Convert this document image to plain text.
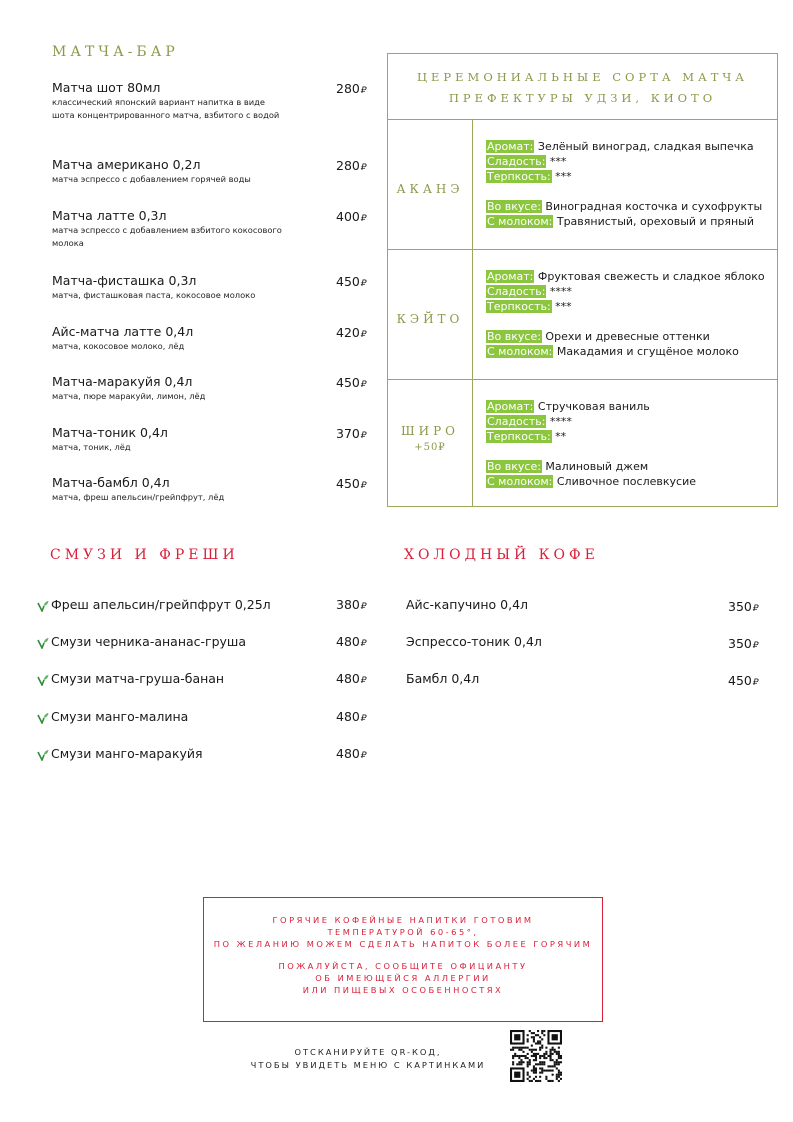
МАТЧА-БАР
Матча шот 80мл
классический японский вариант напитка в виде шота концентрированного матча, взбитого с водой
280₽
Матча американо 0,2л
матча эспрессо с добавлением горячей воды
280₽
Матча латте 0,3л
матча эспрессо с добавлением взбитого кокосового молока
400₽
Матча-фисташка 0,3л
матча, фисташковая паста, кокосовое молоко
450₽
Айс-матча латте 0,4л
матча, кокосовое молоко, лёд
420₽
Матча-маракуйя 0,4л
матча, пюре маракуйи, лимон, лёд
450₽
Матча-тоник 0,4л
матча, тоник, лёд
370₽
Матча-бамбл 0,4л
матча, фреш апельсин/грейпфрут, лёд
450₽
ЦЕРЕМОНИАЛЬНЫЕ СОРТА МАТЧА
ПРЕФЕКТУРЫ УДЗИ, КИОТО
АКАНЭ
Аромат: Зелёный виноград, сладкая выпечка
Сладость: ***
Терпкость: ***
Во вкусе: Виноградная косточка и сухофрукты
С молоком: Травянистый, ореховый и пряный
КЭЙТО
Аромат: Фруктовая свежесть и сладкое яблоко
Сладость: ****
Терпкость: ***
Во вкусе: Орехи и древесные оттенки
С молоком: Макадамия и сгущёное молоко
ШИРО
+50₽
Аромат: Стручковая ваниль
Сладость: ****
Терпкость: **
Во вкусе: Малиновый джем
С молоком: Сливочное послевкусие
СМУЗИ И ФРЕШИ
Фреш апельсин/грейпфрут 0,25л	380₽
Смузи черника-ананас-груша	480₽
Смузи матча-груша-банан	480₽
Смузи манго-малина	480₽
Смузи манго-маракуйя	480₽
ХОЛОДНЫЙ КОФЕ
Айс-капучино 0,4л	350₽
Эспрессо-тоник 0,4л	350₽
Бамбл 0,4л	450₽
ГОРЯЧИЕ КОФЕЙНЫЕ НАПИТКИ ГОТОВИМ
ТЕМПЕРАТУРОЙ 60-65°,
ПО ЖЕЛАНИЮ МОЖЕМ СДЕЛАТЬ НАПИТОК БОЛЕЕ ГОРЯЧИМ
ПОЖАЛУЙСТА, СООБЩИТЕ ОФИЦИАНТУ
ОБ ИМЕЮЩЕЙСЯ АЛЛЕРГИИ
ИЛИ ПИЩЕВЫХ ОСОБЕННОСТЯХ
ОТСКАНИРУЙТЕ QR-КОД,
ЧТОБЫ УВИДЕТЬ МЕНЮ С КАРТИНКАМИ
